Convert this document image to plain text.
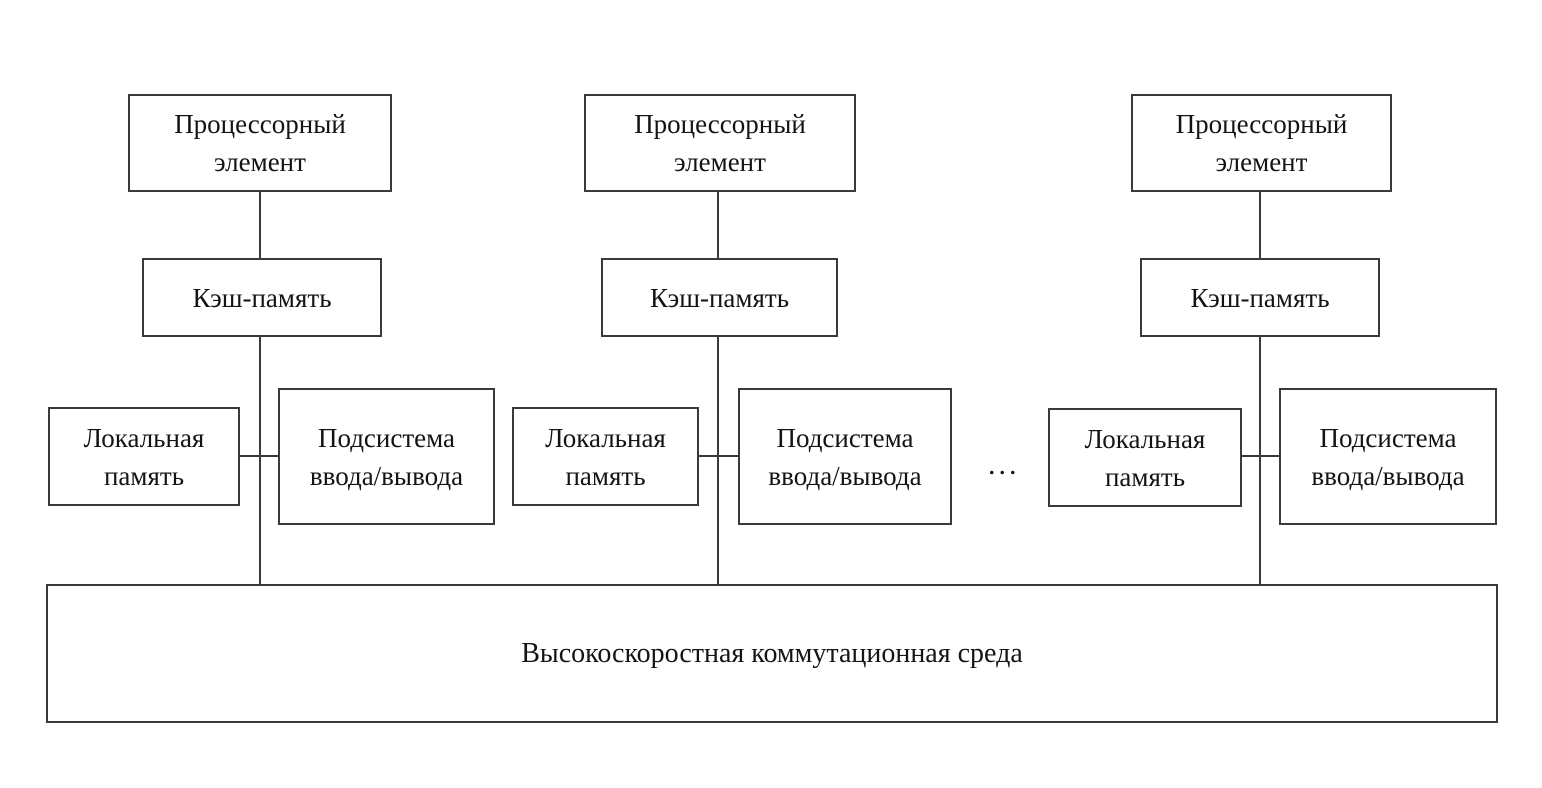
Процессорный элемент
Кэш-память
Локальная память
Подсистема ввода/вывода
Процессорный элемент
Кэш-память
Локальная память
Подсистема ввода/вывода	...
Процессорный элемент
Кэш-память
Локальная память
Подсистема ввода/вывода
Высокоскоростная коммутационная среда
